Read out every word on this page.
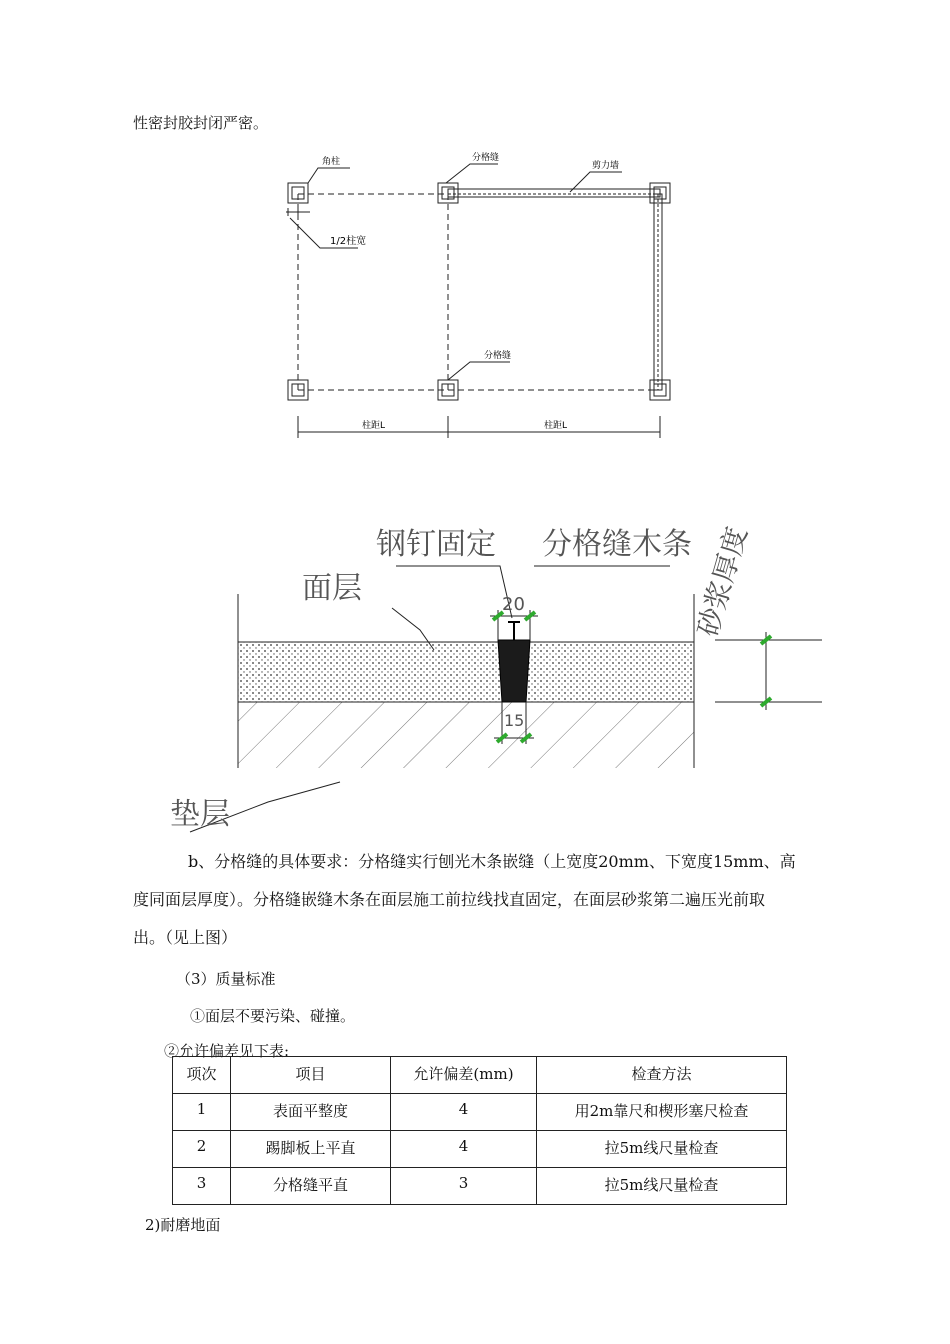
性密封胶封闭严密。
角柱	分格缝
剪力墙
1/2柱宽
分格缝
柱距L	柱距L
钢钉固定 分格缝木条
面层	20
15
垫层
砂浆厚度
b、分格缝的具体要求：分格缝实行刨光木条嵌缝（上宽度20mm、下宽度15mm、高
度同面层厚度）。分格缝嵌缝木条在面层施工前拉线找直固定，在面层砂浆第二遍压光前取
出。（见上图）
（3）质量标准
①面层不要污染、碰撞。
②允许偏差见下表:
项次	项目	允许偏差(mm)	检查方法
1	表面平整度	4	用2m靠尺和楔形塞尺检查
2	踢脚板上平直	4	拉5m线尺量检查
3	分格缝平直	3	拉5m线尺量检查
2)耐磨地面
